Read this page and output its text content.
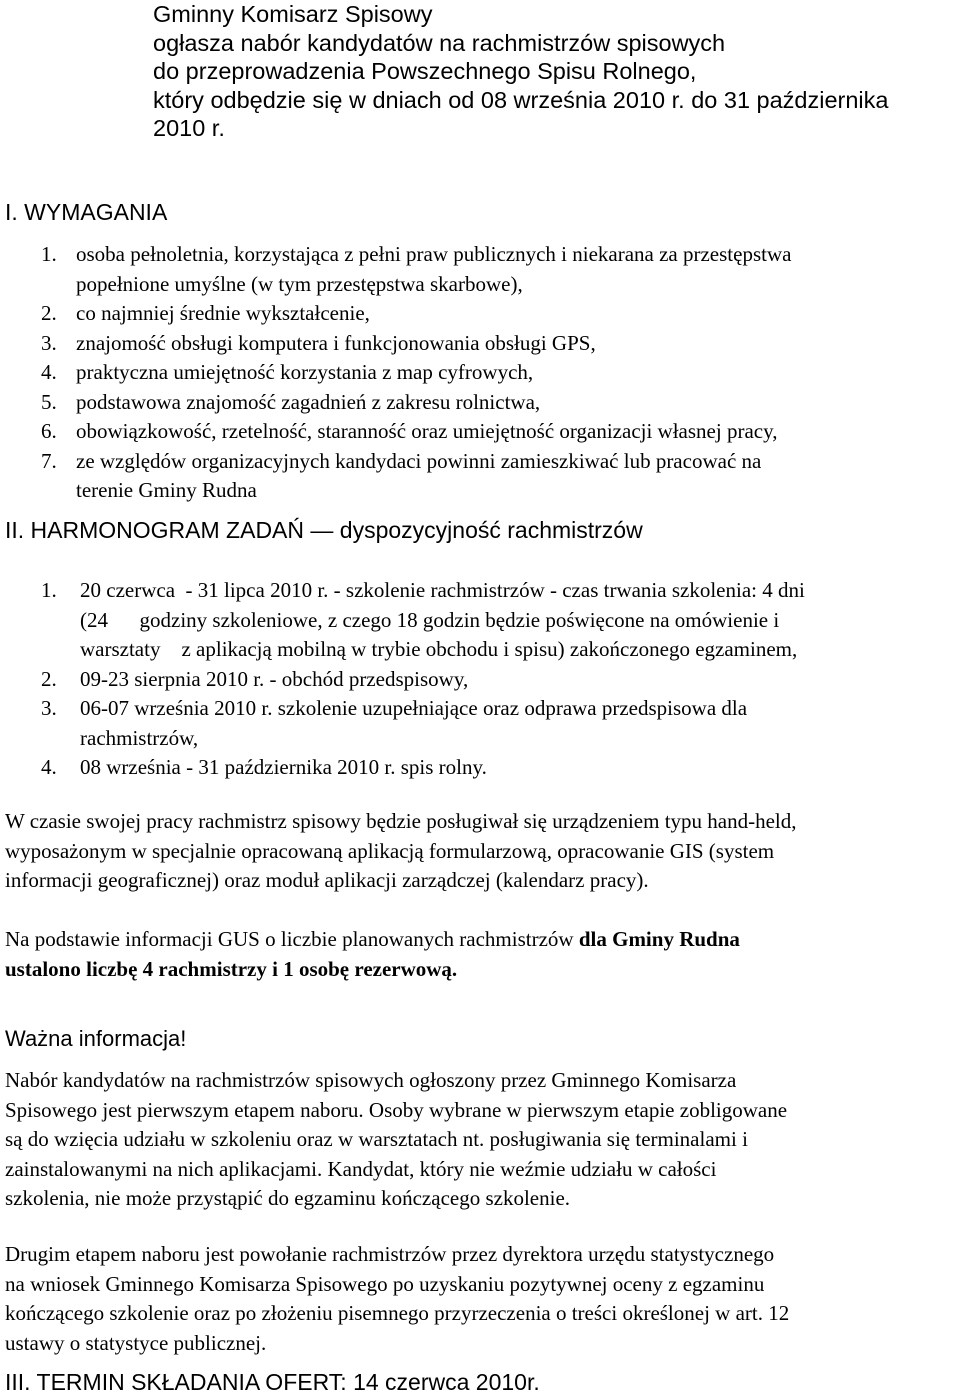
Gminny Komisarz Spisowy
ogłasza nabór kandydatów na rachmistrzów spisowych
do przeprowadzenia Powszechnego Spisu Rolnego,
który odbędzie się w dniach od 08 września 2010 r. do 31 października
2010 r.
I. WYMAGANIA
1. osoba pełnoletnia, korzystająca z pełni praw publicznych i niekarana za przestępstwa
popełnione umyślne (w tym przestępstwa skarbowe),
2. co najmniej średnie wykształcenie,
3. znajomość obsługi komputera i funkcjonowania obsługi GPS,
4. praktyczna umiejętność korzystania z map cyfrowych,
5. podstawowa znajomość zagadnień z zakresu rolnictwa,
6. obowiązkowość, rzetelność, staranność oraz umiejętność organizacji własnej pracy,
7. ze względów organizacyjnych kandydaci powinni zamieszkiwać lub pracować na
terenie Gminy Rudna
II. HARMONOGRAM ZADAŃ — dyspozycyjność rachmistrzów
1. 20 czerwca  - 31 lipca 2010 r. - szkolenie rachmistrzów - czas trwania szkolenia: 4 dni
(24      godziny szkoleniowe, z czego 18 godzin będzie poświęcone na omówienie i
warsztaty    z aplikacją mobilną w trybie obchodu i spisu) zakończonego egzaminem,
2. 09-23 sierpnia 2010 r. - obchód przedspisowy,
3. 06-07 września 2010 r. szkolenie uzupełniające oraz odprawa przedspisowa dla
rachmistrzów,
4. 08 września - 31 października 2010 r. spis rolny.
W czasie swojej pracy rachmistrz spisowy będzie posługiwał się urządzeniem typu hand-held,
wyposażonym w specjalnie opracowaną aplikacją formularzową, opracowanie GIS (system
informacji geograficznej) oraz moduł aplikacji zarządczej (kalendarz pracy).
Na podstawie informacji GUS o liczbie planowanych rachmistrzów dla Gminy Rudna
ustalono liczbę 4 rachmistrzy i 1 osobę rezerwową.
Ważna informacja!
Nabór kandydatów na rachmistrzów spisowych ogłoszony przez Gminnego Komisarza
Spisowego jest pierwszym etapem naboru. Osoby wybrane w pierwszym etapie zobligowane
są do wzięcia udziału w szkoleniu oraz w warsztatach nt. posługiwania się terminalami i
zainstalowanymi na nich aplikacjami. Kandydat, który nie weźmie udziału w całości
szkolenia, nie może przystąpić do egzaminu kończącego szkolenie.
Drugim etapem naboru jest powołanie rachmistrzów przez dyrektora urzędu statystycznego
na wniosek Gminnego Komisarza Spisowego po uzyskaniu pozytywnej oceny z egzaminu
kończącego szkolenie oraz po złożeniu pisemnego przyrzeczenia o treści określonej w art. 12
ustawy o statystyce publicznej.
III. TERMIN SKŁADANIA OFERT: 14 czerwca 2010r.
